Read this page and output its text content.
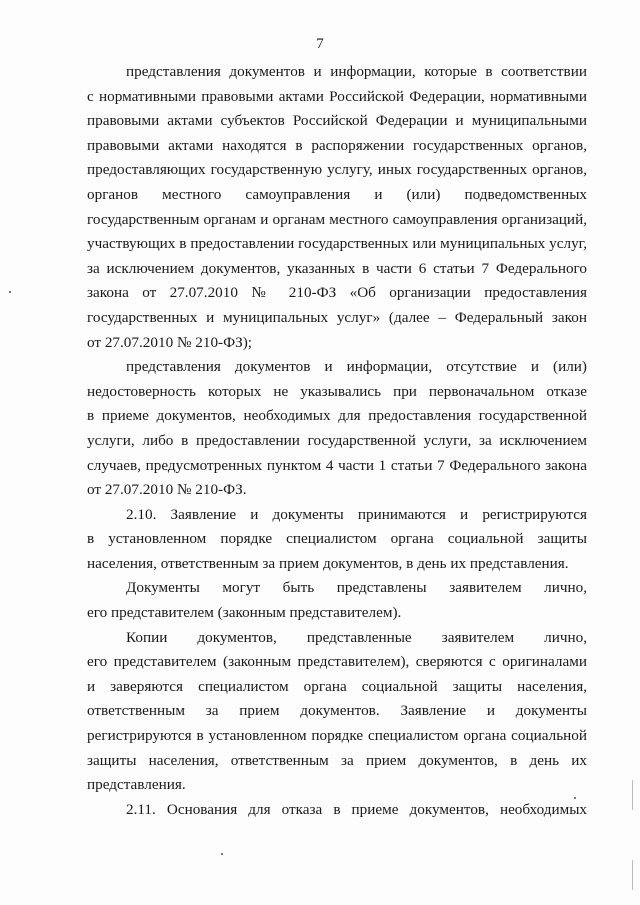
7
представления документов и информации, которые в соответствии
с нормативными правовыми актами Российской Федерации, нормативными
правовыми актами субъектов Российской Федерации и муниципальными
правовыми актами находятся в распоряжении государственных органов,
предоставляющих государственную услугу, иных государственных органов,
органов местного самоуправления и (или) подведомственных
государственным органам и органам местного самоуправления организаций,
участвующих в предоставлении государственных или муниципальных услуг,
за исключением документов, указанных в части 6 статьи 7 Федерального
закона от 27.07.2010 № 210-ФЗ «Об организации предоставления
государственных и муниципальных услуг» (далее – Федеральный закон
от 27.07.2010 № 210-ФЗ);
представления документов и информации, отсутствие и (или)
недостоверность которых не указывались при первоначальном отказе
в приеме документов, необходимых для предоставления государственной
услуги, либо в предоставлении государственной услуги, за исключением
случаев, предусмотренных пунктом 4 части 1 статьи 7 Федерального закона
от 27.07.2010 № 210-ФЗ.
2.10. Заявление и документы принимаются и регистрируются
в установленном порядке специалистом органа социальной защиты
населения, ответственным за прием документов, в день их представления.
Документы могут быть представлены заявителем лично,
его представителем (законным представителем).
Копии документов, представленные заявителем лично,
его представителем (законным представителем), сверяются с оригиналами
и заверяются специалистом органа социальной защиты населения,
ответственным за прием документов. Заявление и документы
регистрируются в установленном порядке специалистом органа социальной
защиты населения, ответственным за прием документов, в день их
представления.
2.11. Основания для отказа в приеме документов, необходимых
